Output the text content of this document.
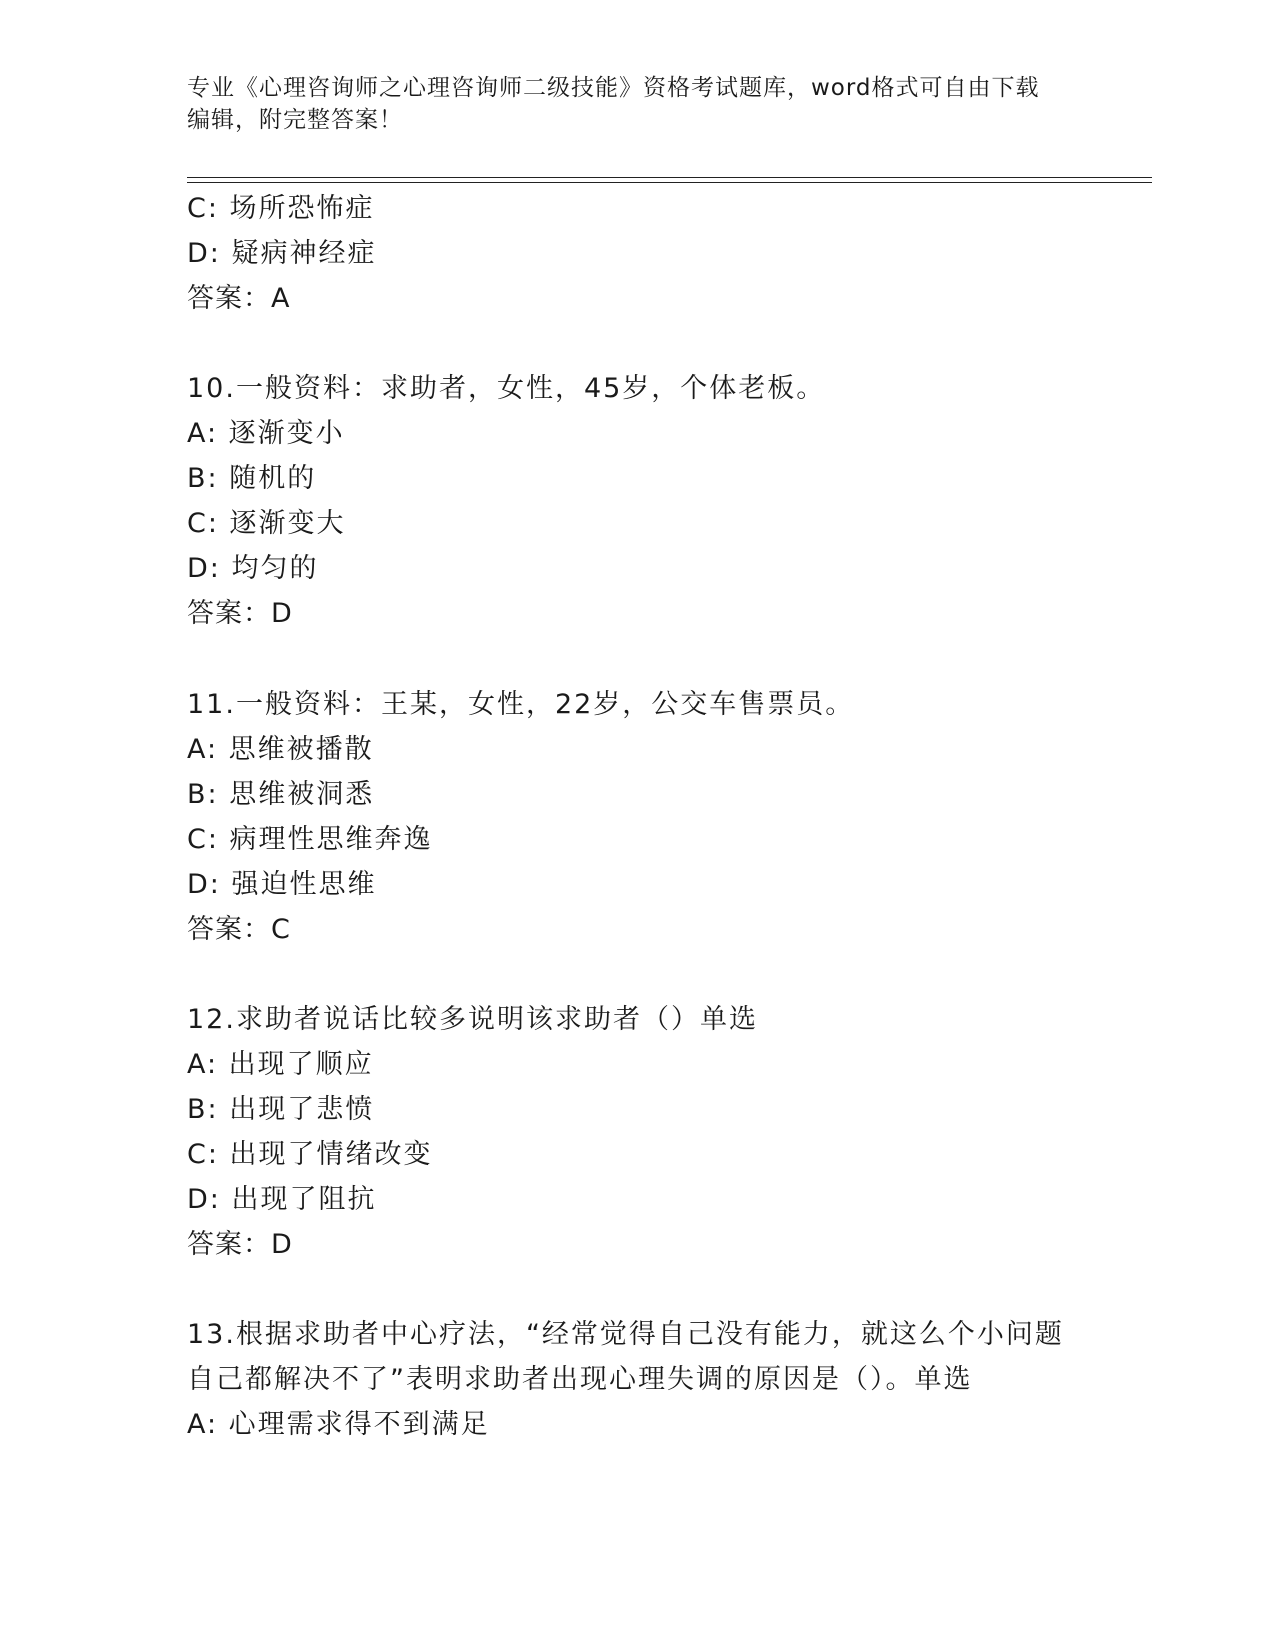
专业《心理咨询师之心理咨询师二级技能》资格考试题库，word格式可自由下载
编辑，附完整答案！
C: 场所恐怖症
D: 疑病神经症
答案：A
10.一般资料：求助者，女性，45岁，个体老板。
A: 逐渐变小
B: 随机的
C: 逐渐变大
D: 均匀的
答案：D
11.一般资料：王某，女性，22岁，公交车售票员。
A: 思维被播散
B: 思维被洞悉
C: 病理性思维奔逸
D: 强迫性思维
答案：C
12.求助者说话比较多说明该求助者（）单选
A: 出现了顺应
B: 出现了悲愤
C: 出现了情绪改变
D: 出现了阻抗
答案：D
13.根据求助者中心疗法，“经常觉得自己没有能力，就这么个小问题
自己都解决不了”表明求助者出现心理失调的原因是（）。单选
A: 心理需求得不到满足
